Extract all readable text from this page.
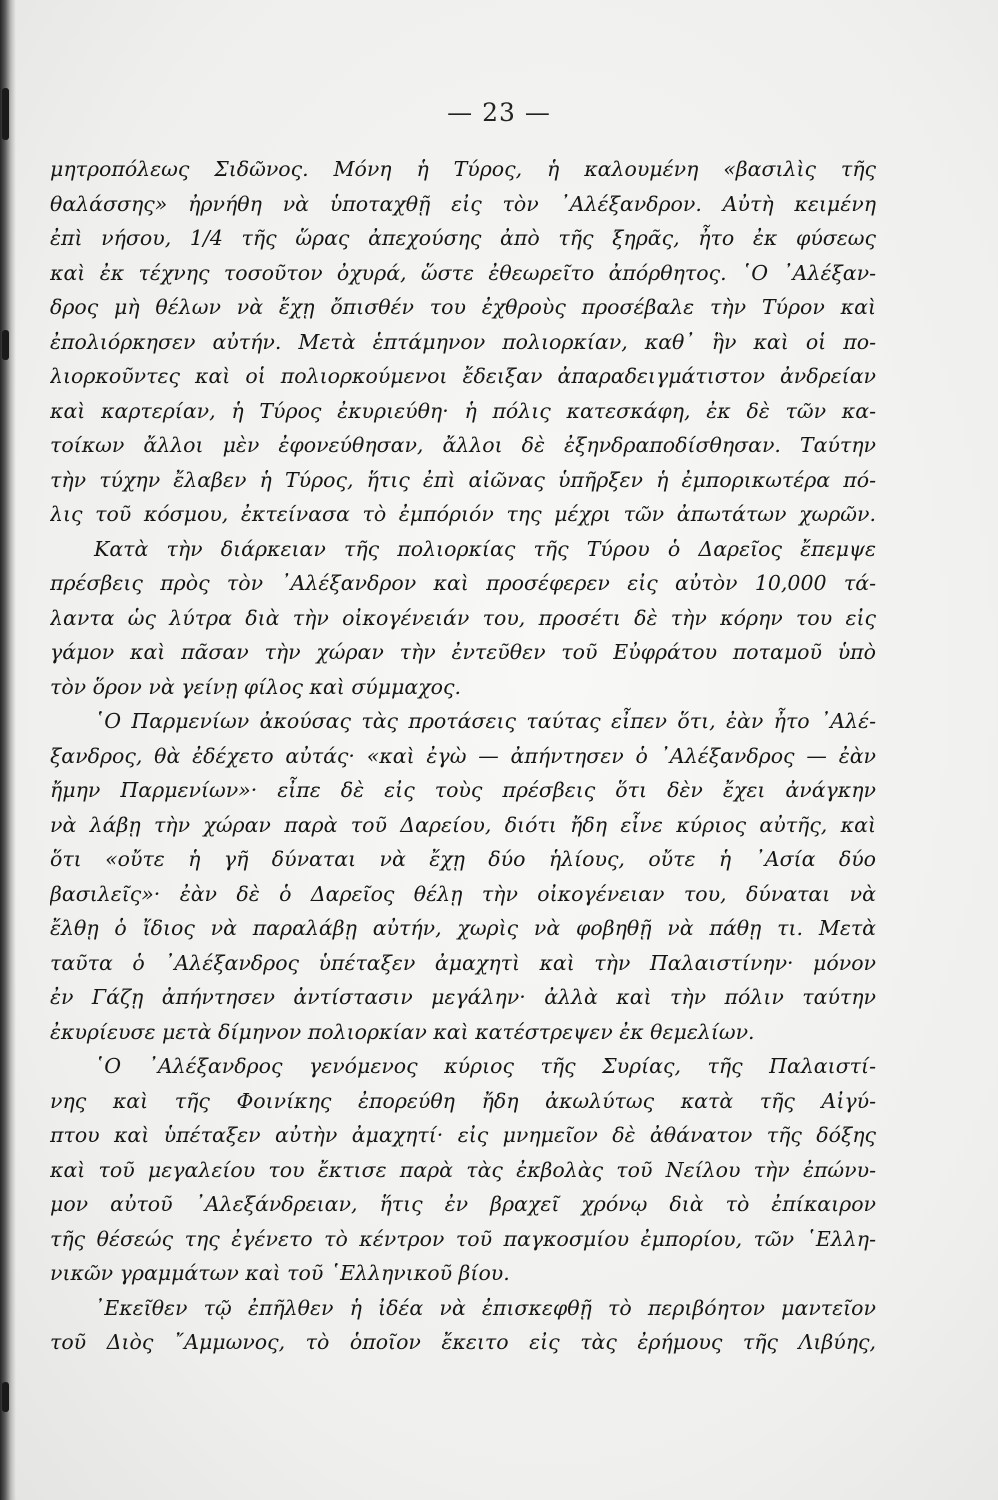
— 23 —
μητροπόλεως Σιδῶνος. Μόνη ἡ Τύρος, ἡ καλουμένη «βασιλὶς τῆς
θαλάσσης» ἠρνήθη νὰ ὑποταχθῇ εἰς τὸν ᾿Αλέξανδρον. Αὐτὴ κειμένη
ἐπὶ νήσου, 1/4 τῆς ὥρας ἀπεχούσης ἀπὸ τῆς ξηρᾶς, ἦτο ἐκ φύσεως
καὶ ἐκ τέχνης τοσοῦτον ὀχυρά, ὥστε ἐθεωρεῖτο ἀπόρθητος. ῾Ο ᾿Αλέξαν-
δρος μὴ θέλων νὰ ἔχῃ ὄπισθέν του ἐχθροὺς προσέβαλε τὴν Τύρον καὶ
ἐπολιόρκησεν αὐτήν. Μετὰ ἑπτάμηνον πολιορκίαν, καθ᾿ ἣν καὶ οἱ πο-
λιορκοῦντες καὶ οἱ πολιορκούμενοι ἔδειξαν ἀπαραδειγμάτιστον ἀνδρείαν
καὶ καρτερίαν, ἡ Τύρος ἐκυριεύθη· ἡ πόλις κατεσκάφη, ἐκ δὲ τῶν κα-
τοίκων ἄλλοι μὲν ἐφονεύθησαν, ἄλλοι δὲ ἐξηνδραποδίσθησαν. Ταύτην
τὴν τύχην ἔλαβεν ἡ Τύρος, ἥτις ἐπὶ αἰῶνας ὑπῆρξεν ἡ ἐμπορικωτέρα πό-
λις τοῦ κόσμου, ἐκτείνασα τὸ ἐμπόριόν της μέχρι τῶν ἀπωτάτων χωρῶν.
Κατὰ τὴν διάρκειαν τῆς πολιορκίας τῆς Τύρου ὁ Δαρεῖος ἔπεμψε
πρέσβεις πρὸς τὸν ᾿Αλέξανδρον καὶ προσέφερεν εἰς αὐτὸν 10,000 τά-
λαντα ὡς λύτρα διὰ τὴν οἰκογένειάν του, προσέτι δὲ τὴν κόρην του εἰς
γάμον καὶ πᾶσαν τὴν χώραν τὴν ἐντεῦθεν τοῦ Εὐφράτου ποταμοῦ ὑπὸ
τὸν ὅρον νὰ γείνῃ φίλος καὶ σύμμαχος.
῾Ο Παρμενίων ἀκούσας τὰς προτάσεις ταύτας εἶπεν ὅτι, ἐὰν ἦτο ᾿Αλέ-
ξανδρος, θὰ ἐδέχετο αὐτάς· «καὶ ἐγὼ — ἀπήντησεν ὁ ᾿Αλέξανδρος — ἐὰν
ἤμην Παρμενίων»· εἶπε δὲ εἰς τοὺς πρέσβεις ὅτι δὲν ἔχει ἀνάγκην
νὰ λάβῃ τὴν χώραν παρὰ τοῦ Δαρείου, διότι ἤδη εἶνε κύριος αὐτῆς, καὶ
ὅτι «οὔτε ἡ γῆ δύναται νὰ ἔχῃ δύο ἡλίους, οὔτε ἡ ᾿Ασία δύο
βασιλεῖς»· ἐὰν δὲ ὁ Δαρεῖος θέλῃ τὴν οἰκογένειαν του, δύναται νὰ
ἔλθῃ ὁ ἴδιος νὰ παραλάβῃ αὐτήν, χωρὶς νὰ φοβηθῇ νὰ πάθῃ τι. Μετὰ
ταῦτα ὁ ᾿Αλέξανδρος ὑπέταξεν ἀμαχητὶ καὶ τὴν Παλαιστίνην· μόνον
ἐν Γάζῃ ἀπήντησεν ἀντίστασιν μεγάλην· ἀλλὰ καὶ τὴν πόλιν ταύτην
ἐκυρίευσε μετὰ δίμηνον πολιορκίαν καὶ κατέστρεψεν ἐκ θεμελίων.
῾Ο ᾿Αλέξανδρος γενόμενος κύριος τῆς Συρίας, τῆς Παλαιστί-
νης καὶ τῆς Φοινίκης ἐπορεύθη ἤδη ἀκωλύτως κατὰ τῆς Αἰγύ-
πτου καὶ ὑπέταξεν αὐτὴν ἀμαχητί· εἰς μνημεῖον δὲ ἀθάνατον τῆς δόξης
καὶ τοῦ μεγαλείου του ἔκτισε παρὰ τὰς ἐκβολὰς τοῦ Νείλου τὴν ἐπώνυ-
μον αὐτοῦ ᾿Αλεξάνδρειαν, ἥτις ἐν βραχεῖ χρόνῳ διὰ τὸ ἐπίκαιρον
τῆς θέσεώς της ἐγένετο τὸ κέντρον τοῦ παγκοσμίου ἐμπορίου, τῶν ῾Ελλη-
νικῶν γραμμάτων καὶ τοῦ ῾Ελληνικοῦ βίου.
᾿Εκεῖθεν τῷ ἐπῆλθεν ἡ ἰδέα νὰ ἐπισκεφθῇ τὸ περιβόητον μαντεῖον
τοῦ Διὸς ῎Αμμωνος, τὸ ὁποῖον ἔκειτο εἰς τὰς ἐρήμους τῆς Λιβύης,
